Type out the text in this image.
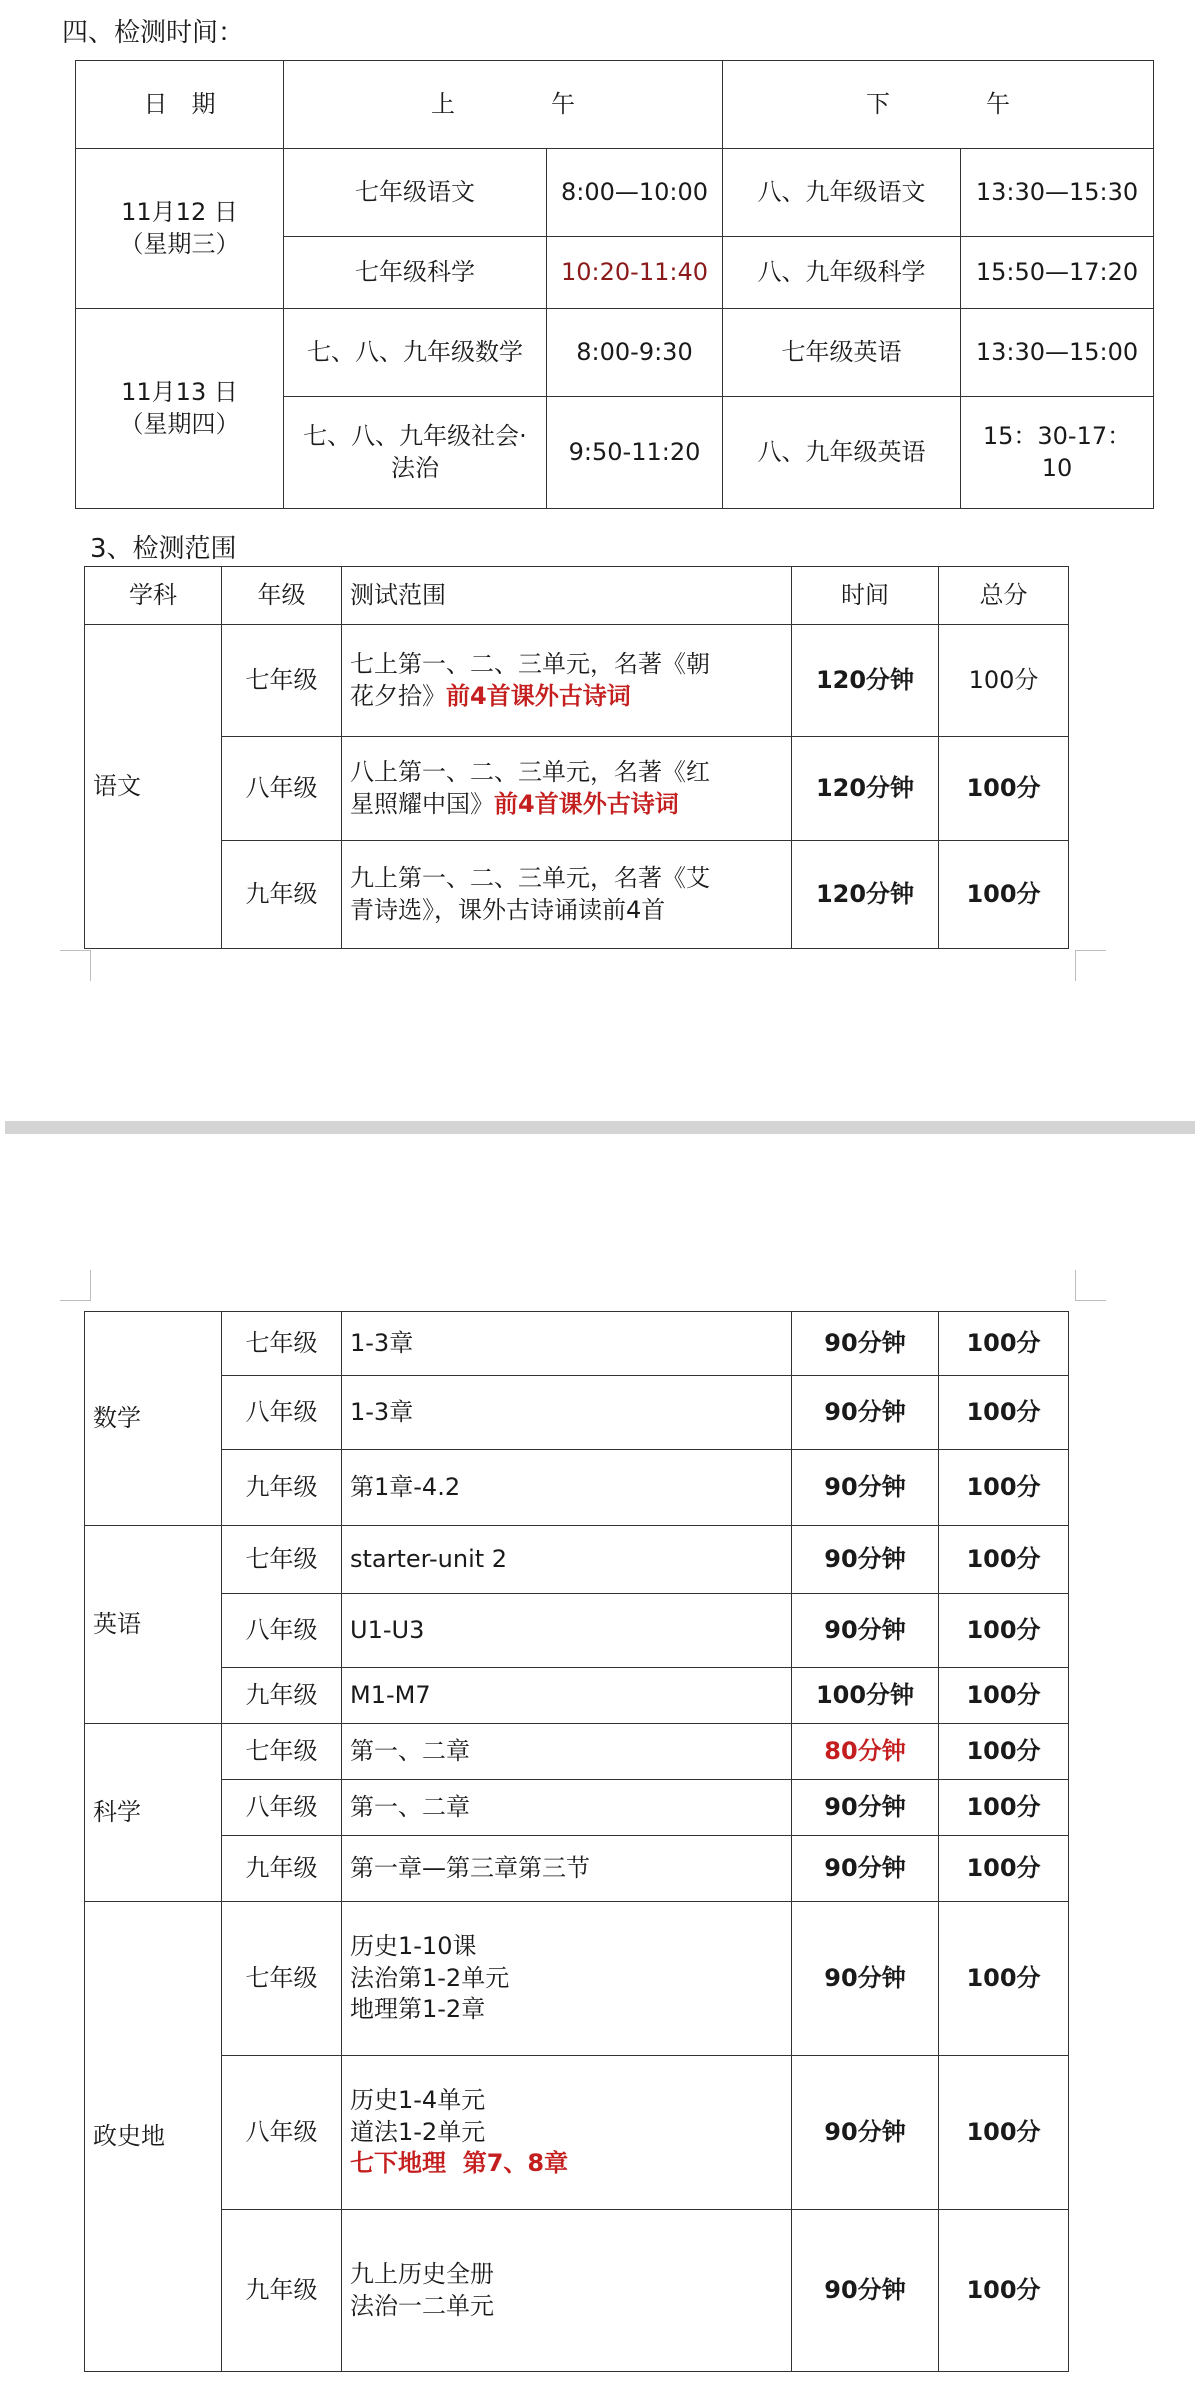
四、检测时间：
日　期	上　　　　午		下　　　　午	

11月12 日
（星期三）	七年级语文	8:00—10:00	八、九年级语文	13:30—15:30
	七年级科学	10:20-11:40	八、九年级科学	15:50—17:20

11月13 日
（星期四）	七、八、九年级数学	8:00-9:30	七年级英语	13:30—15:00

	七、八、九年级社会·
法治	9:50-11:20	八、九年级英语	15：30-17：10
3、检测范围
学科	年级	测试范围	时间	总分
语文	七年级	七上第一、二、三单元，名著《朝
花夕拾》前4首课外古诗词	120分钟	100分
	八年级	八上第一、二、三单元，名著《红
星照耀中国》前4首课外古诗词	120分钟	100分
	九年级	九上第一、二、三单元，名著《艾
青诗选》，课外古诗诵读前4首	120分钟	100分
数学	七年级	1-3章	90分钟	100分
	八年级	1-3章	90分钟	100分
	九年级	第1章-4.2	90分钟	100分
英语	七年级	starter-unit 2	90分钟	100分
	八年级	U1-U3	90分钟	100分
	九年级	M1-M7	100分钟	100分
科学	七年级	第一、二章	80分钟	100分
	八年级	第一、二章	90分钟	100分
	九年级	第一章—第三章第三节	90分钟	100分
政史地	七年级	历史1-10课
法治第1-2单元
地理第1-2章	90分钟	100分
	八年级	历史1-4单元
道法1-2单元
七下地理  第7、8章	90分钟	100分
	九年级	九上历史全册
法治一二单元	90分钟	100分
